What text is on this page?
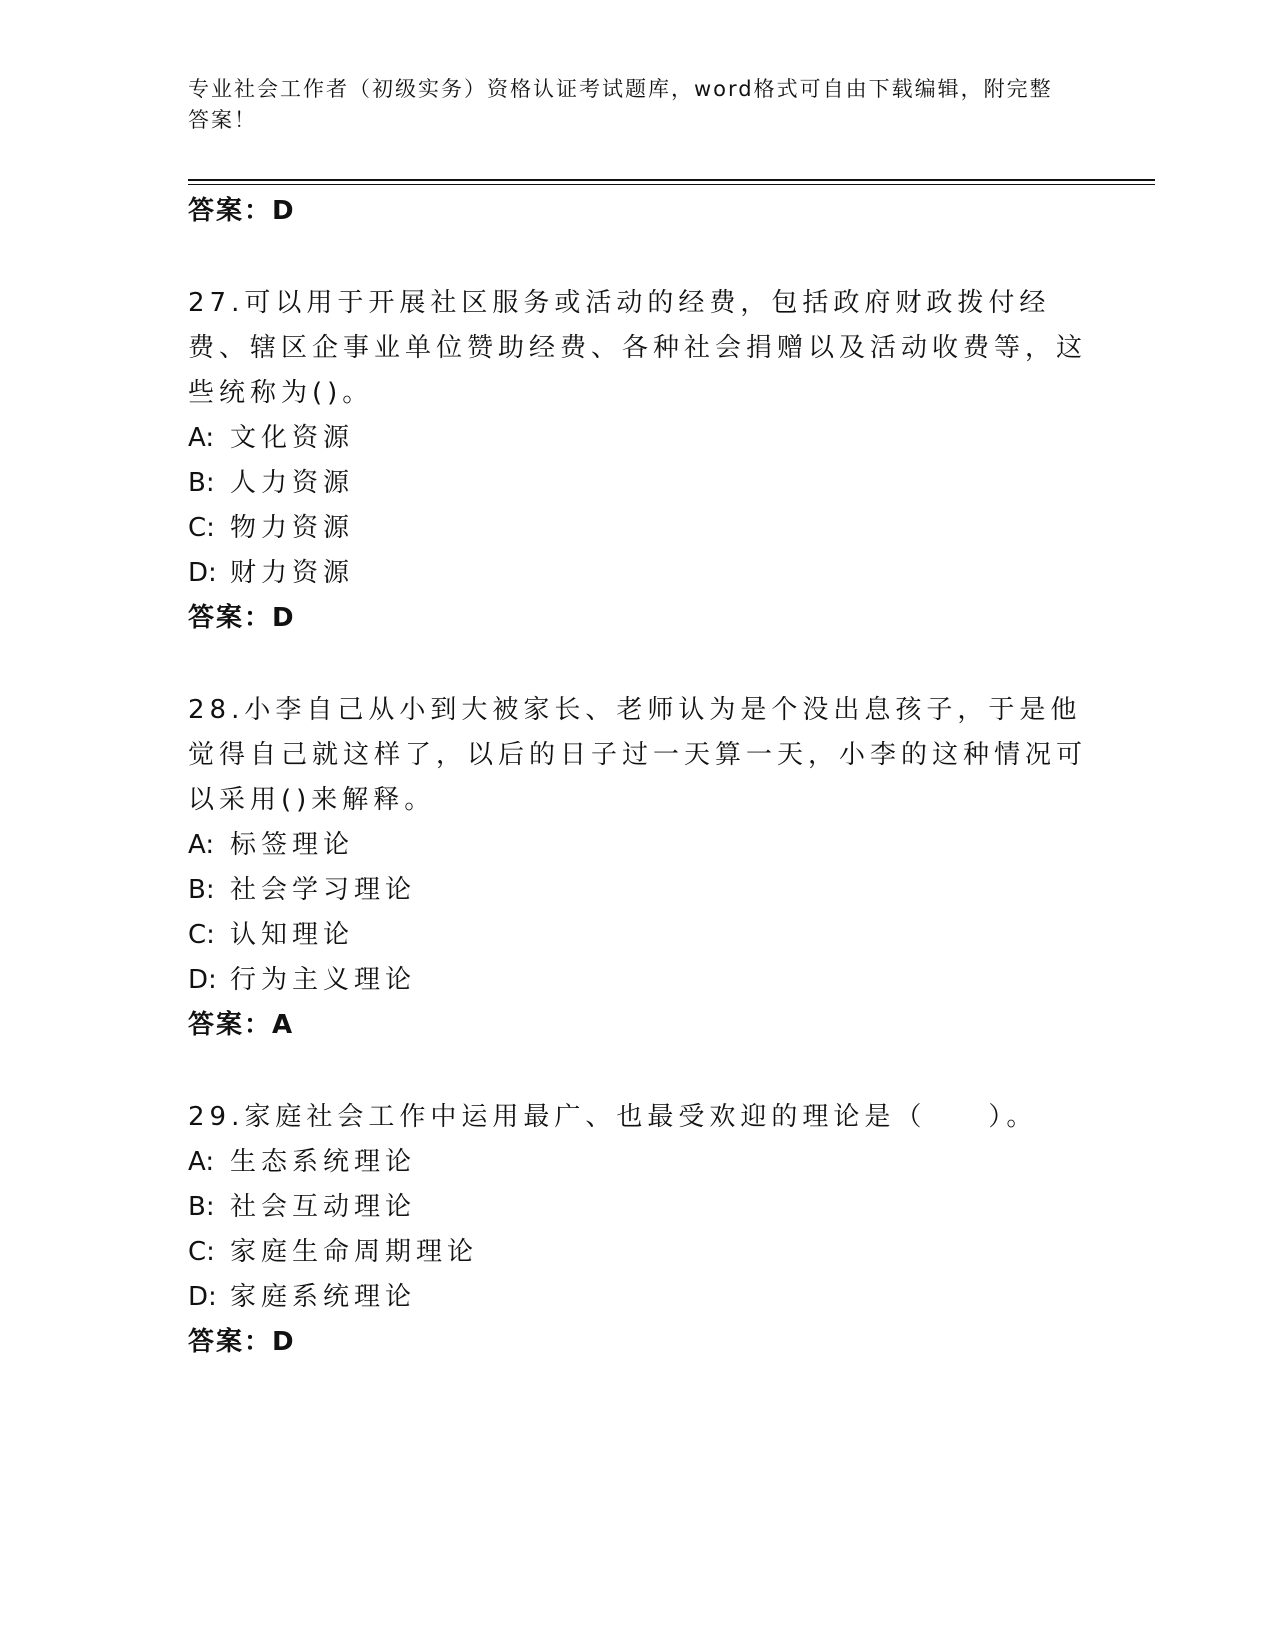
专业社会工作者（初级实务）资格认证考试题库，word格式可自由下载编辑，附完整答案！
答案：D

27.可以用于开展社区服务或活动的经费，包括政府财政拨付经费、辖区企事业单位赞助经费、各种社会捐赠以及活动收费等，这些统称为()。

A: 文化资源
B: 人力资源
C: 物力资源
D: 财力资源
答案：D

28.小李自己从小到大被家长、老师认为是个没出息孩子，于是他觉得自己就这样了，以后的日子过一天算一天，小李的这种情况可以采用()来解释。

A: 标签理论
B: 社会学习理论
C: 认知理论
D: 行为主义理论
答案：A

29.家庭社会工作中运用最广、也最受欢迎的理论是（　　）。

A: 生态系统理论
B: 社会互动理论
C: 家庭生命周期理论
D: 家庭系统理论
答案：D
